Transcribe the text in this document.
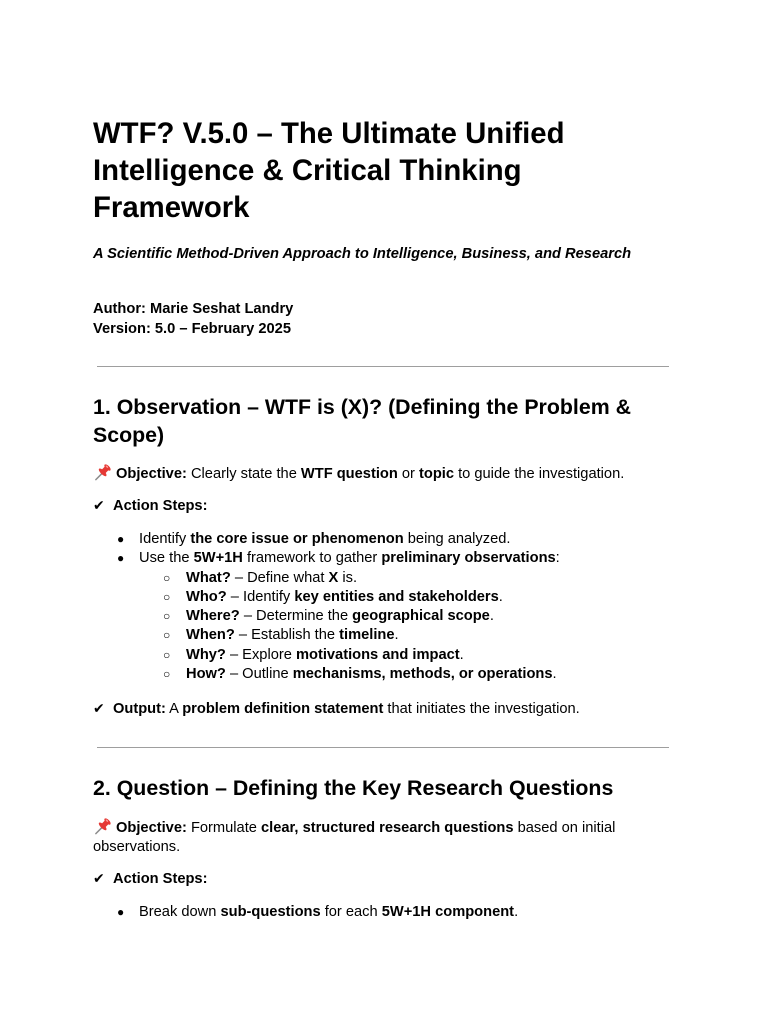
WTF? V.5.0 – The Ultimate Unified Intelligence & Critical Thinking Framework

A Scientific Method-Driven Approach to Intelligence, Business, and Research

Author: Marie Seshat Landry
Version: 5.0 – February 2025
1. Observation – WTF is (X)? (Defining the Problem & Scope)

Objective: Clearly state the WTF question or topic to guide the investigation.

✔ Action Steps:

● Identify the core issue or phenomenon being analyzed.
● Use the 5W+1H framework to gather preliminary observations:
○ What? – Define what X is.
○ Who? – Identify key entities and stakeholders.
○ Where? – Determine the geographical scope.
○ When? – Establish the timeline.
○ Why? – Explore motivations and impact.
○ How? – Outline mechanisms, methods, or operations.

✔ Output: A problem definition statement that initiates the investigation.

2. Question – Defining the Key Research Questions

Objective: Formulate clear, structured research questions based on initial observations.

✔ Action Steps:

● Break down sub-questions for each 5W+1H component.
